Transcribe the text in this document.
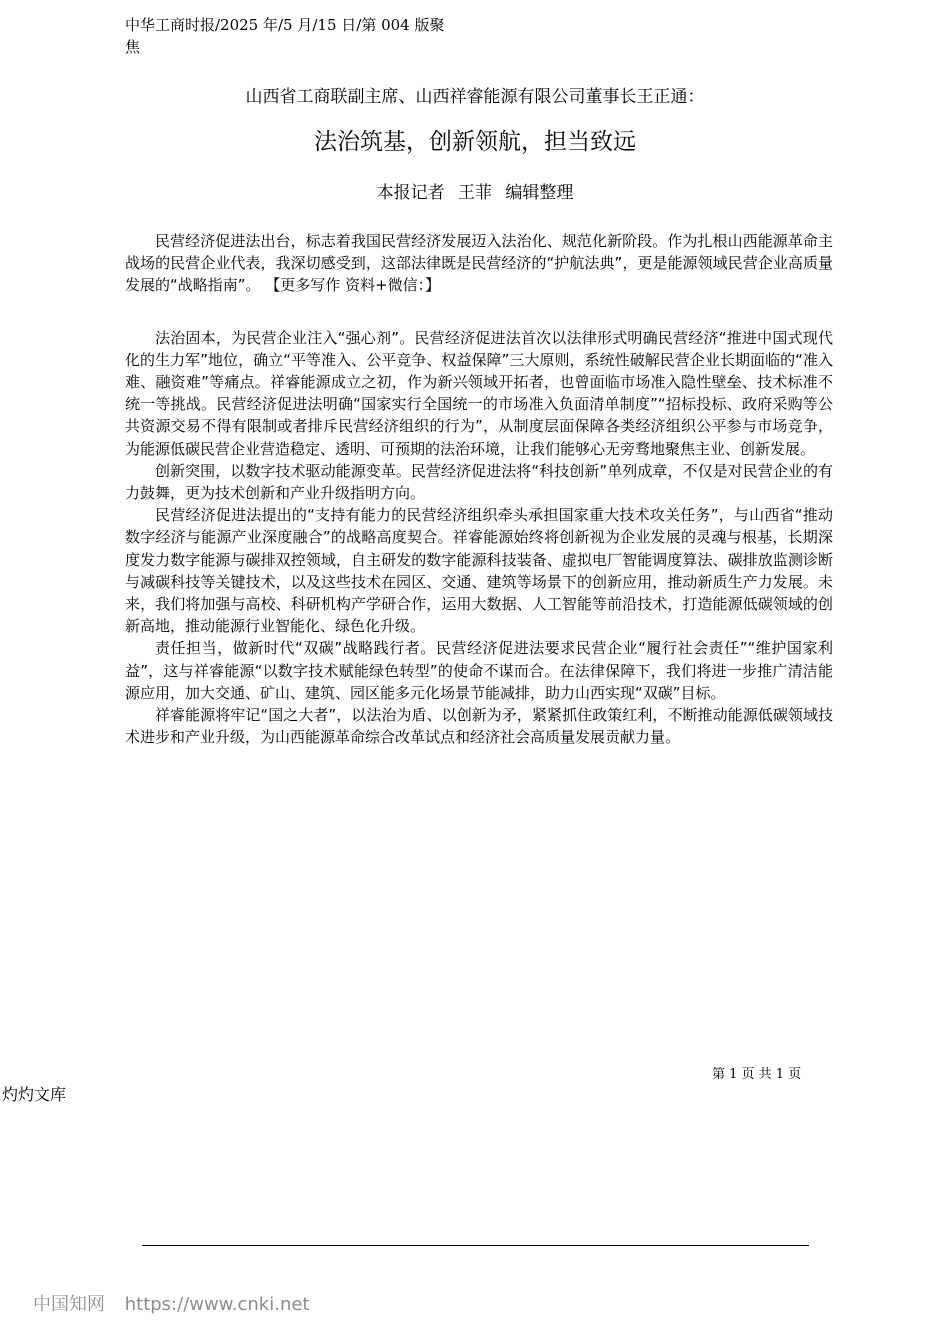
中华工商时报/2025 年/5 月/15 日/第 004 版聚焦
山西省工商联副主席、山西祥睿能源有限公司董事长王正通：
法治筑基，创新领航，担当致远
本报记者 王菲 编辑整理

民营经济促进法出台，标志着我国民营经济发展迈入法治化、规范化新阶段。作为扎根山西能源革命主战场的民营企业代表，我深切感受到，这部法律既是民营经济的“护航法典”，更是能源领域民营企业高质量发展的“战略指南”。 【更多写作 资料+微信：】

法治固本，为民营企业注入“强心剂”。民营经济促进法首次以法律形式明确民营经济“推进中国式现代化的生力军”地位，确立“平等准入、公平竞争、权益保障”三大原则，系统性破解民营企业长期面临的“准入难、融资难”等痛点。祥睿能源成立之初，作为新兴领域开拓者，也曾面临市场准入隐性壁垒、技术标准不统一等挑战。民营经济促进法明确“国家实行全国统一的市场准入负面清单制度”“招标投标、政府采购等公共资源交易不得有限制或者排斥民营经济组织的行为”，从制度层面保障各类经济组织公平参与市场竞争，为能源低碳民营企业营造稳定、透明、可预期的法治环境，让我们能够心无旁骛地聚焦主业、创新发展。

创新突围，以数字技术驱动能源变革。民营经济促进法将“科技创新”单列成章，不仅是对民营企业的有力鼓舞，更为技术创新和产业升级指明方向。

民营经济促进法提出的“支持有能力的民营经济组织牵头承担国家重大技术攻关任务”，与山西省“推动数字经济与能源产业深度融合”的战略高度契合。祥睿能源始终将创新视为企业发展的灵魂与根基，长期深度发力数字能源与碳排双控领域，自主研发的数字能源科技装备、虚拟电厂智能调度算法、碳排放监测诊断与减碳科技等关键技术，以及这些技术在园区、交通、建筑等场景下的创新应用，推动新质生产力发展。未来，我们将加强与高校、科研机构产学研合作，运用大数据、人工智能等前沿技术，打造能源低碳领域的创新高地，推动能源行业智能化、绿色化升级。

责任担当，做新时代“双碳”战略践行者。民营经济促进法要求民营企业“履行社会责任”“维护国家利益”，这与祥睿能源“以数字技术赋能绿色转型”的使命不谋而合。在法律保障下，我们将进一步推广清洁能源应用，加大交通、矿山、建筑、园区能多元化场景节能减排，助力山西实现“双碳”目标。

祥睿能源将牢记“国之大者”，以法治为盾、以创新为矛，紧紧抓住政策红利，不断推动能源低碳领域技术进步和产业升级，为山西能源革命综合改革试点和经济社会高质量发展贡献力量。

第 1 页 共 1 页
灼灼文库
中国知网 https://www.cnki.net
